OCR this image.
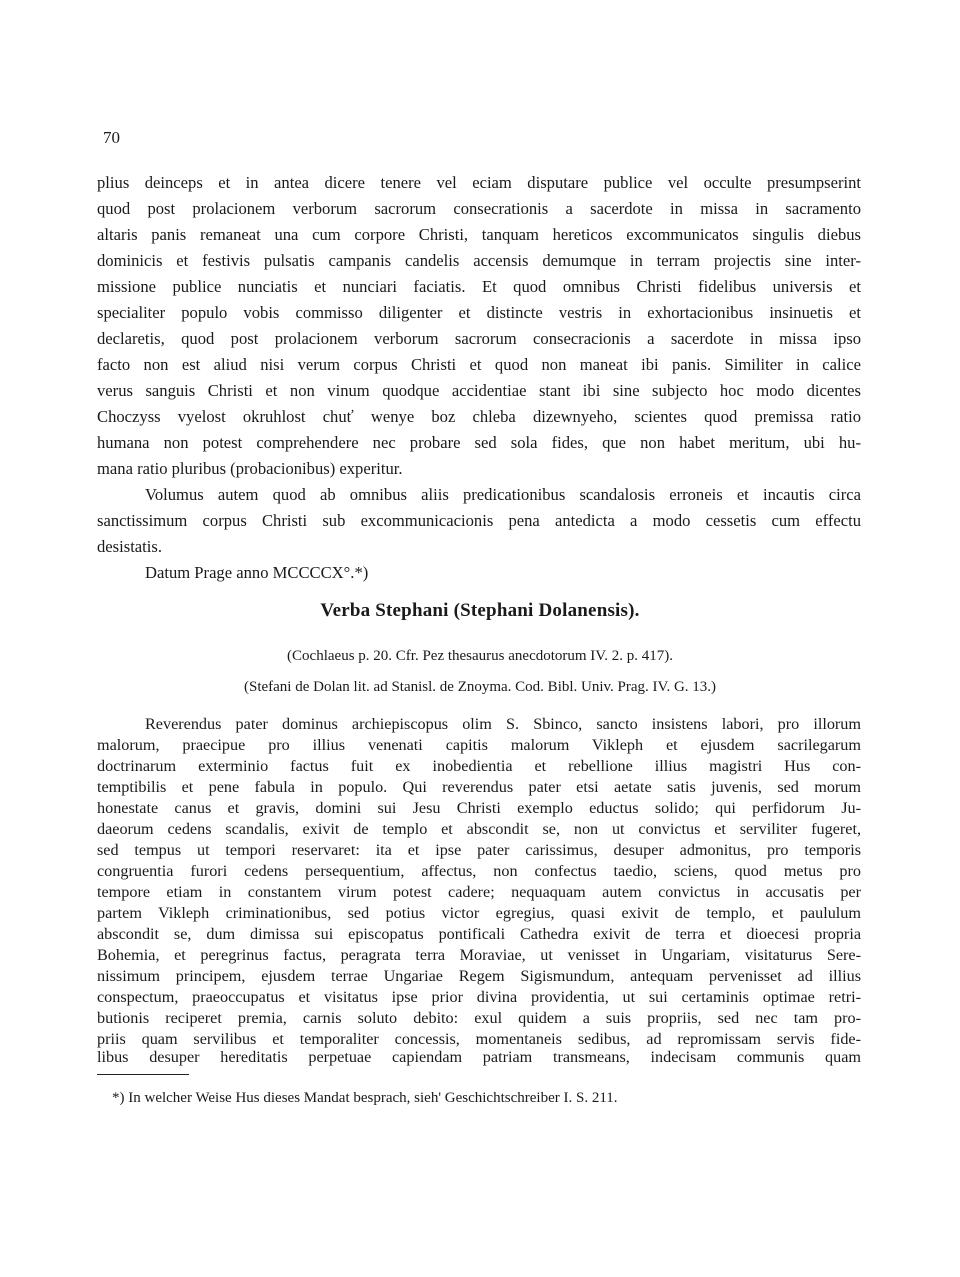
70
plius deinceps et in antea dicere tenere vel eciam disputare publice vel occulte presumpserint
quod post prolacionem verborum sacrorum consecrationis a sacerdote in missa in sacramento
altaris panis remaneat una cum corpore Christi, tanquam hereticos excommunicatos singulis diebus
dominicis et festivis pulsatis campanis candelis accensis demumque in terram projectis sine inter-
missione publice nunciatis et nunciari faciatis. Et quod omnibus Christi fidelibus universis et
specialiter populo vobis commisso diligenter et distincte vestris in exhortacionibus insinuetis et
declaretis, quod post prolacionem verborum sacrorum consecracionis a sacerdote in missa ipso
facto non est aliud nisi verum corpus Christi et quod non maneat ibi panis. Similiter in calice
verus sanguis Christi et non vinum quodque accidentiae stant ibi sine subjecto hoc modo dicentes
Choczyss vyelost okruhlost chuť wenye boz chleba dizewnyeho, scientes quod premissa ratio
humana non potest comprehendere nec probare sed sola fides, que non habet meritum, ubi hu-
mana ratio pluribus (probacionibus) experitur.
Volumus autem quod ab omnibus aliis predicationibus scandalosis erroneis et incautis circa
sanctissimum corpus Christi sub excommunicacionis pena antedicta a modo cessetis cum effectu
desistatis.
Datum Prage anno MCCCCX°.*)
Verba Stephani (Stephani Dolanensis).
(Cochlaeus p. 20. Cfr. Pez thesaurus anecdotorum IV. 2. p. 417).
(Stefani de Dolan lit. ad Stanisl. de Znoyma. Cod. Bibl. Univ. Prag. IV. G. 13.)
Reverendus pater dominus archiepiscopus olim S. Sbinco, sancto insistens labori, pro illorum
malorum, praecipue pro illius venenati capitis malorum Vikleph et ejusdem sacrilegarum
doctrinarum exterminio factus fuit ex inobedientia et rebellione illius magistri Hus con-
temptibilis et pene fabula in populo. Qui reverendus pater etsi aetate satis juvenis, sed morum
honestate canus et gravis, domini sui Jesu Christi exemplo eductus solido; qui perfidorum Ju-
daeorum cedens scandalis, exivit de templo et abscondit se, non ut convictus et serviliter fugeret,
sed tempus ut tempori reservaret: ita et ipse pater carissimus, desuper admonitus, pro temporis
congruentia furori cedens persequentium, affectus, non confectus taedio, sciens, quod metus pro
tempore etiam in constantem virum potest cadere; nequaquam autem convictus in accusatis per
partem Vikleph criminationibus, sed potius victor egregius, quasi exivit de templo, et paululum
abscondit se, dum dimissa sui episcopatus pontificali Cathedra exivit de terra et dioecesi propria
Bohemia, et peregrinus factus, peragrata terra Moraviae, ut venisset in Ungariam, visitaturus Sere-
nissimum principem, ejusdem terrae Ungariae Regem Sigismundum, antequam pervenisset ad illius
conspectum, praeoccupatus et visitatus ipse prior divina providentia, ut sui certaminis optimae retri-
butionis reciperet premia, carnis soluto debito: exul quidem a suis propriis, sed nec tam pro-
priis quam servilibus et temporaliter concessis, momentaneis sedibus, ad repromissam servis fide-
libus desuper hereditatis perpetuae capiendam patriam transmeans, indecisam communis quam
*) In welcher Weise Hus dieses Mandat besprach, sieh' Geschichtschreiber I. S. 211.
